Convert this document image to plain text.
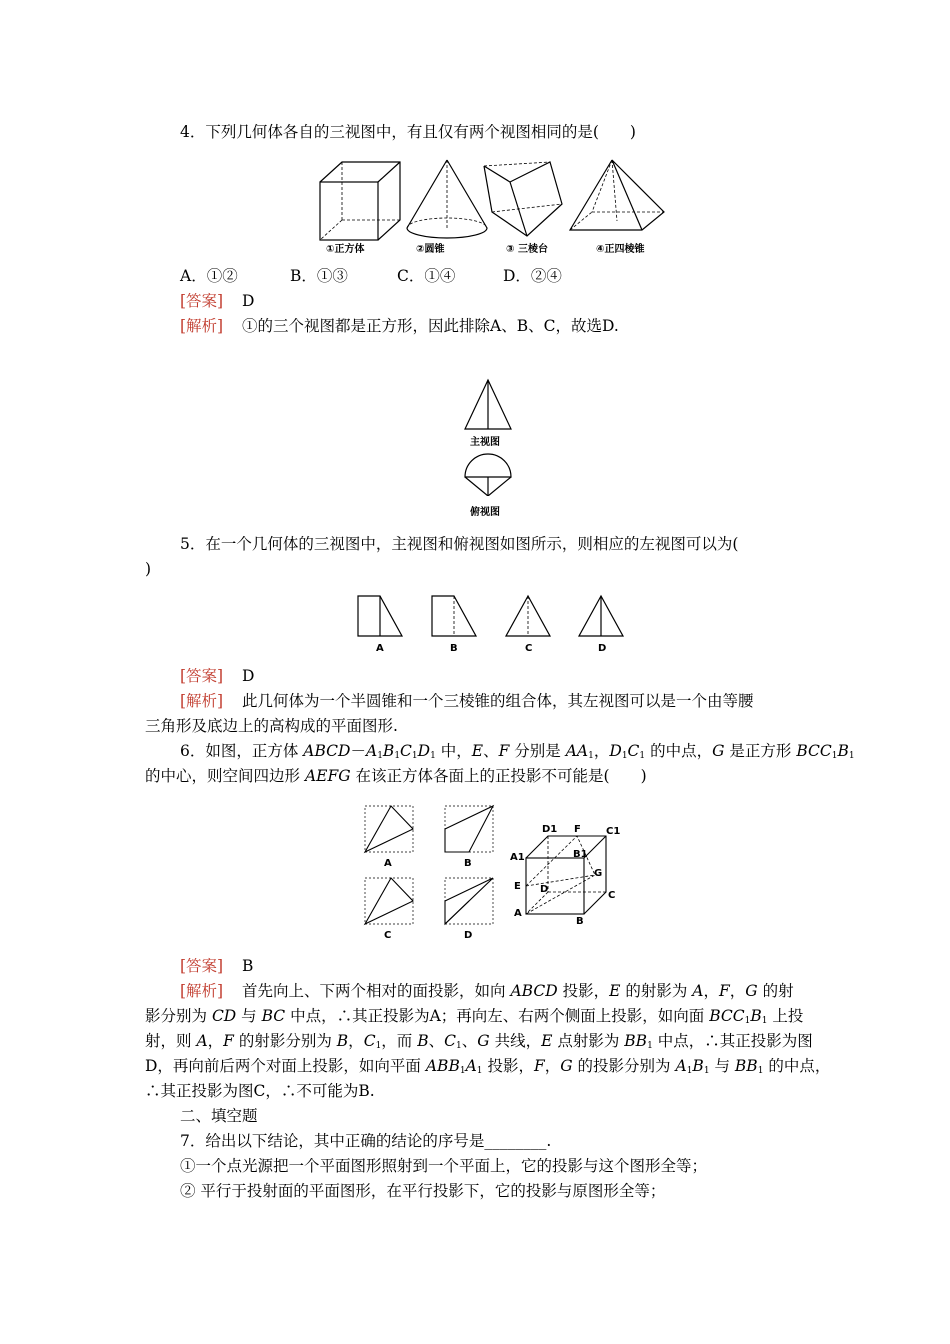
4．下列几何体各自的三视图中，有且仅有两个视图相同的是(　　)
①正方体	②圆锥	③ 三棱台	④正四棱锥
A．①②	B．①③	C．①④	D．②④
[答案] D
[解析] ①的三个视图都是正方形，因此排除A、B、C，故选D.
主视图
俯视图
5．在一个几何体的三视图中，主视图和俯视图如图所示，则相应的左视图可以为(
)
A	B	C	D
[答案] D
[解析] 此几何体为一个半圆锥和一个三棱锥的组合体，其左视图可以是一个由等腰
三角形及底边上的高构成的平面图形.
6．如图，正方体 $ABCD-A_1B_1C_1D_1$ 中，E、F 分别是 $AA_1$，$D_1C_1$ 的中点，G 是正方形 $BCC_1B_1$
的中心，则空间四边形 AEFG 在该正方体各面上的正投影不可能是(　　)
A	B
C	D
D1 F	C1
A1	B1
E D
G
C
A
B
[答案] B
[解析] 首先向上、下两个相对的面投影，如向 ABCD 投影，E 的射影为 A，F，G 的射
影分别为 CD 与 BC 中点，∴其正投影为A；再向左、右两个侧面上投影，如向面 $BCC_1B_1$ 上投
射，则 A，F 的射影分别为 B，$C_1$，而 B、$C_1$、G 共线，E 点射影为 $BB_1$ 中点，∴其正投影为图
D，再向前后两个对面上投影，如向平面 $ABB_1A_1$ 投影，F，G 的投影分别为 $A_1B_1$ 与 $BB_1$ 的中点，
∴其正投影为图C，∴不可能为B.
二、填空题
7．给出以下结论，其中正确的结论的序号是________.
①一个点光源把一个平面图形照射到一个平面上，它的投影与这个图形全等；
② 平行于投射面的平面图形，在平行投影下，它的投影与原图形全等；
